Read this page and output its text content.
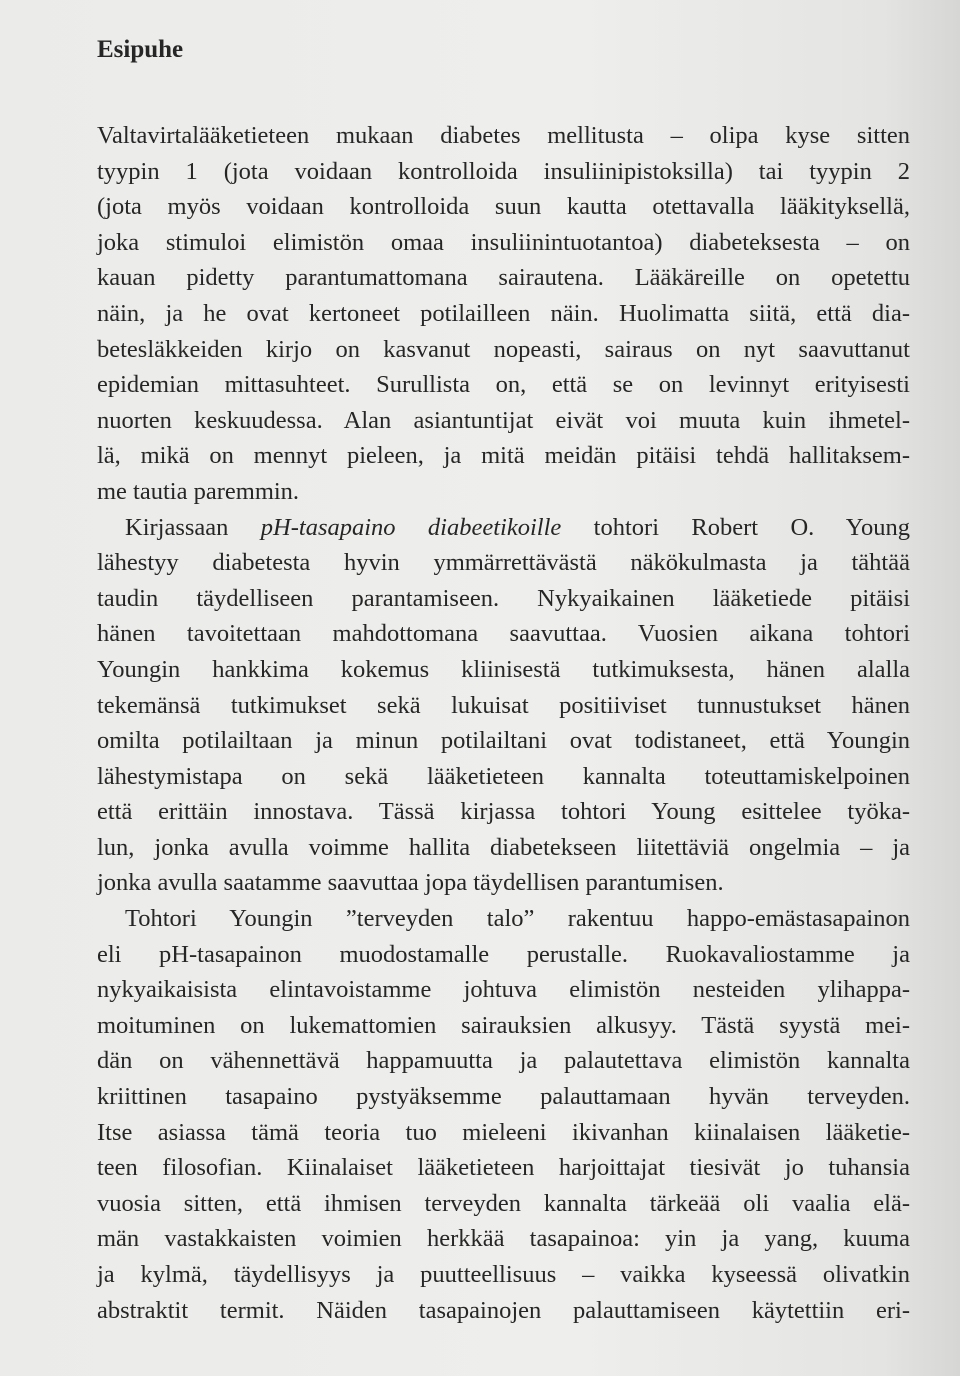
Esipuhe
Valtavirtalääketieteen mukaan diabetes mellitusta – olipa kyse sitten
tyypin 1 (jota voidaan kontrolloida insuliinipistoksilla) tai tyypin 2
(jota myös voidaan kontrolloida suun kautta otettavalla lääkityksellä,
joka stimuloi elimistön omaa insuliinintuotantoa) diabeteksesta – on
kauan pidetty parantumattomana sairautena. Lääkäreille on opetettu
näin, ja he ovat kertoneet potilailleen näin. Huolimatta siitä, että dia-
betesläkkeiden kirjo on kasvanut nopeasti, sairaus on nyt saavuttanut
epidemian mittasuhteet. Surullista on, että se on levinnyt erityisesti
nuorten keskuudessa. Alan asiantuntijat eivät voi muuta kuin ihmetel-
lä, mikä on mennyt pieleen, ja mitä meidän pitäisi tehdä hallitaksem-
me tautia paremmin.
Kirjassaan pH-tasapaino diabeetikoille tohtori Robert O. Young
lähestyy diabetesta hyvin ymmärrettävästä näkökulmasta ja tähtää
taudin täydelliseen parantamiseen. Nykyaikainen lääketiede pitäisi
hänen tavoitettaan mahdottomana saavuttaa. Vuosien aikana tohtori
Youngin hankkima kokemus kliinisestä tutkimuksesta, hänen alalla
tekemänsä tutkimukset sekä lukuisat positiiviset tunnustukset hänen
omilta potilailtaan ja minun potilailtani ovat todistaneet, että Youngin
lähestymistapa on sekä lääketieteen kannalta toteuttamiskelpoinen
että erittäin innostava. Tässä kirjassa tohtori Young esittelee työka-
lun, jonka avulla voimme hallita diabetekseen liitettäviä ongelmia – ja
jonka avulla saatamme saavuttaa jopa täydellisen parantumisen.
Tohtori Youngin ”terveyden talo” rakentuu happo-emästasapainon
eli pH-tasapainon muodostamalle perustalle. Ruokavaliostamme ja
nykyaikaisista elintavoistamme johtuva elimistön nesteiden ylihappa-
moituminen on lukemattomien sairauksien alkusyy. Tästä syystä mei-
dän on vähennettävä happamuutta ja palautettava elimistön kannalta
kriittinen tasapaino pystyäksemme palauttamaan hyvän terveyden.
Itse asiassa tämä teoria tuo mieleeni ikivanhan kiinalaisen lääketie-
teen filosofian. Kiinalaiset lääketieteen harjoittajat tiesivät jo tuhansia
vuosia sitten, että ihmisen terveyden kannalta tärkeää oli vaalia elä-
män vastakkaisten voimien herkkää tasapainoa: yin ja yang, kuuma
ja kylmä, täydellisyys ja puutteellisuus – vaikka kyseessä olivatkin
abstraktit termit. Näiden tasapainojen palauttamiseen käytettiin eri-
